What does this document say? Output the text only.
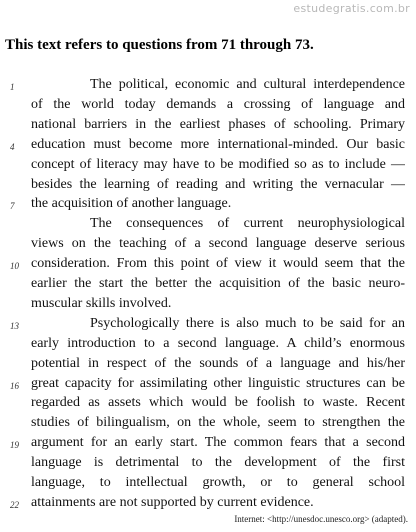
estudegratis.com.br
This text refers to questions from 71 through 73.
1	The political, economic and cultural interdependence
of the world today demands a crossing of language and
national barriers in the earliest phases of schooling. Primary
4	education must become more international-minded. Our basic
concept of literacy may have to be modified so as to include —
besides the learning of reading and writing the vernacular —
7	the acquisition of another language.
The consequences of current neurophysiological
views on the teaching of a second language deserve serious
10 consideration. From this point of view it would seem that the
earlier the start the better the acquisition of the basic neuro-
muscular skills involved.
13	Psychologically there is also much to be said for an
early introduction to a second language. A child’s enormous
potential in respect of the sounds of a language and his/her
16 great capacity for assimilating other linguistic structures can be
regarded as assets which would be foolish to waste. Recent
studies of bilingualism, on the whole, seem to strengthen the
19 argument for an early start. The common fears that a second
language is detrimental to the development of the first
language, to intellectual growth, or to general school
22 attainments are not supported by current evidence.
Internet: <http://unesdoc.unesco.org> (adapted).
